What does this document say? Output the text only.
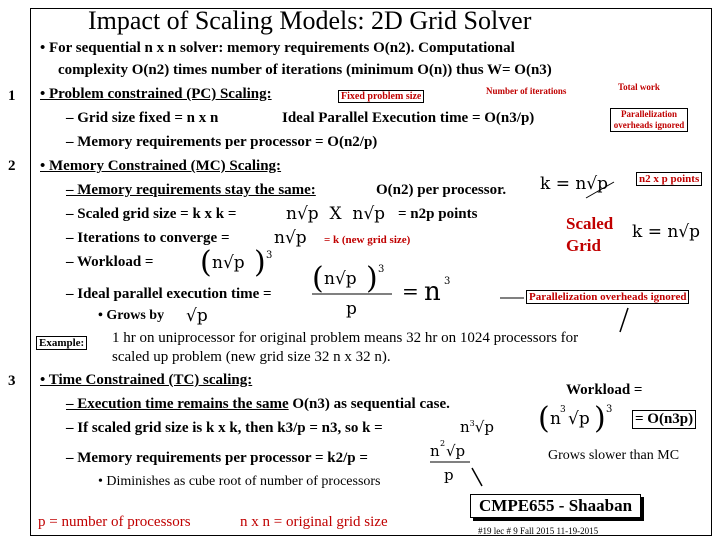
Impact of Scaling Models: 2D Grid Solver
1
2
3
• For sequential n x n solver: memory requirements O(n2). Computational
complexity O(n2) times number of iterations (minimum O(n)) thus W= O(n3)
• Problem constrained (PC) Scaling:	Fixed problem size	Number of iterations	Total work
– Grid size fixed = n x n	Ideal Parallel Execution time = O(n3/p)
– Memory requirements per processor = O(n2/p)
Parallelization overheads ignored
• Memory Constrained (MC) Scaling:
– Memory requirements stay the same:	O(n2) per processor.
n2 x p points
k = n√p
– Scaled grid size = k x k =	n√p  X  n√p = n2p points	Scaled
Grid
k = n√p
– Iterations to converge =	n√p = k (new grid size)
– Workload = ( n√p ) 3
– Ideal parallel execution time = ( n√p ) 3
p
= n 3
Parallelization overheads ignored
• Grows by √p
Example: 1 hr on uniprocessor for original problem means 32 hr on 1024 processors for
scaled up problem (new grid size 32 n x 32 n).
• Time Constrained (TC) scaling:
Workload =
– Execution time remains the same O(n3) as sequential case.	( n 3 √p ) 3
= O(n3p)
– If scaled grid size is k x k, then k3/p = n3, so k =	$n^3√p$
– Memory requirements per processor = k2/p =	n 2 √p
p
Grows slower than MC
• Diminishes as cube root of number of processors
p = number of processors	n x n = original grid size
CMPE655 - Shaaban
#19 lec # 9 Fall 2015 11-19-2015
